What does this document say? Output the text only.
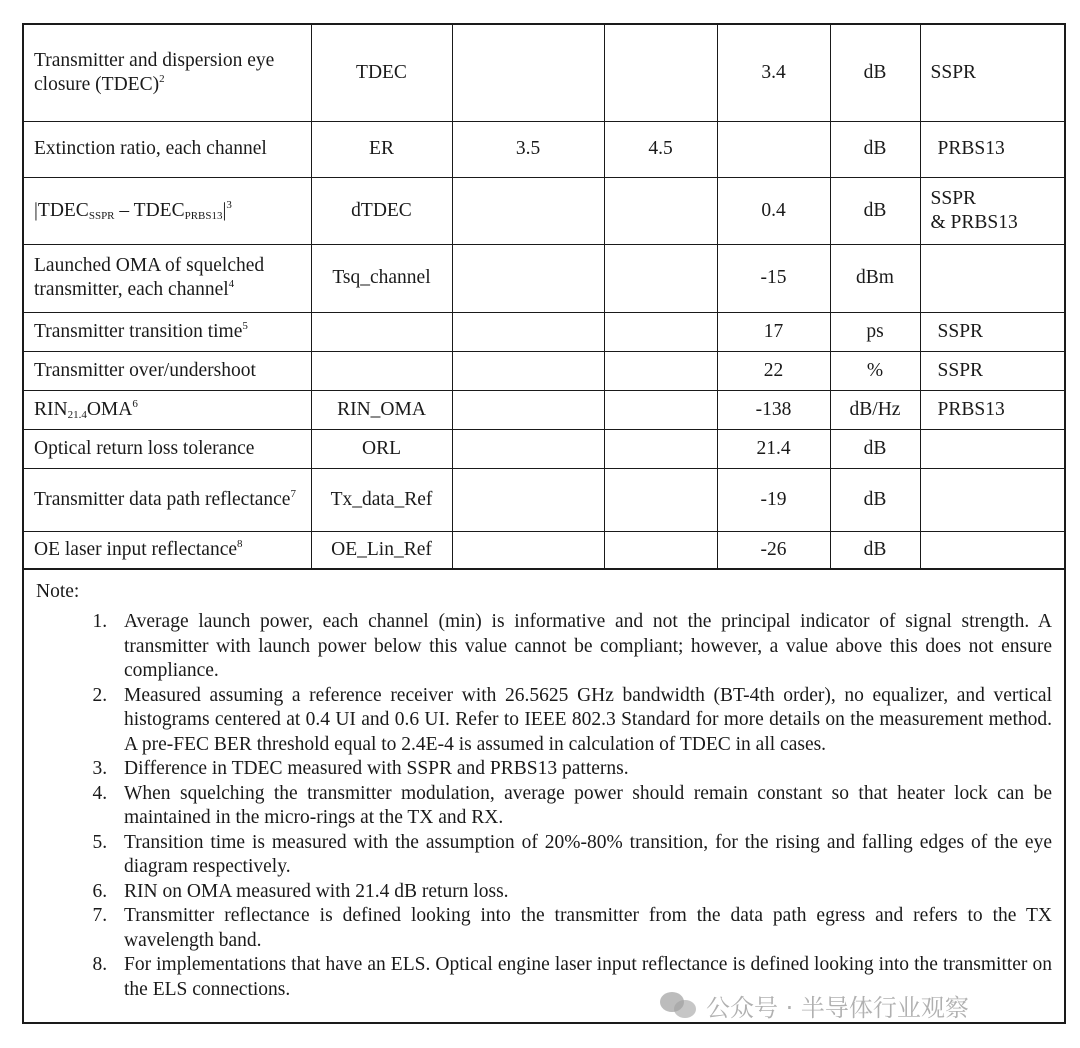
Transmitter and dispersion eye closure (TDEC)$^2$	TDEC			3.4	dB	SSPR
Extinction ratio, each channel	ER	3.5	4.5		dB	PRBS13
$|TDEC_{SSPR}$ – $TDEC_{PRBS13}|^3$	dTDEC			0.4	dB	SSPR
& PRBS13

Launched OMA of squelched transmitter, each channel$^4$	Tsq_channel			-15	dBm	
Transmitter transition time$^5$				17	ps	SSPR
Transmitter over/undershoot				22	%	SSPR
$RIN_{21.4}OMA^6$	RIN_OMA			-138	dB/Hz	PRBS13
Optical return loss tolerance	ORL			21.4	dB	
Transmitter data path reflectance$^7$	Tx_data_Ref			-19	dB	
OE laser input reflectance$^8$	OE_Lin_Ref			-26	dB	
Note:
1. Average launch power, each channel (min) is informative and not the principal indicator of signal strength. A transmitter with launch power below this value cannot be compliant; however, a value above this does not ensure compliance.
2. Measured assuming a reference receiver with 26.5625 GHz bandwidth (BT-4th order), no equalizer, and vertical histograms centered at 0.4 UI and 0.6 UI. Refer to IEEE 802.3 Standard for more details on the measurement method. A pre-FEC BER threshold equal to 2.4E-4 is assumed in calculation of TDEC in all cases.
3. Difference in TDEC measured with SSPR and PRBS13 patterns.
4. When squelching the transmitter modulation, average power should remain constant so that heater lock can be maintained in the micro-rings at the TX and RX.
5. Transition time is measured with the assumption of 20%-80% transition, for the rising and falling edges of the eye diagram respectively.
6. RIN on OMA measured with 21.4 dB return loss.
7. Transmitter reflectance is defined looking into the transmitter from the data path egress and refers to the TX wavelength band.
8. For implementations that have an ELS. Optical engine laser input reflectance is defined looking into the transmitter on the ELS connections.
公众号 · 半导体行业观察
